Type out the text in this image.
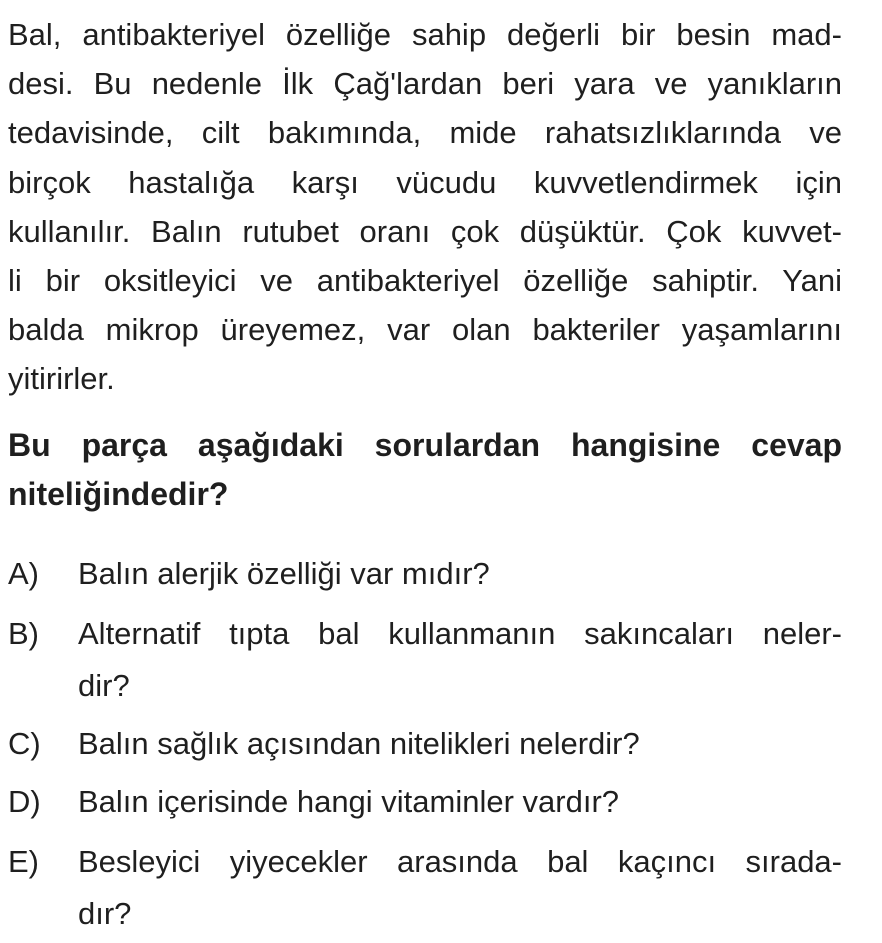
Bal, antibakteriyel özelliğe sahip değerli bir besin mad-
desi. Bu nedenle İlk Çağ'lardan beri yara ve yanıkların
tedavisinde, cilt bakımında, mide rahatsızlıklarında ve
birçok hastalığa karşı vücudu kuvvetlendirmek için
kullanılır. Balın rutubet oranı çok düşüktür. Çok kuvvet-
li bir oksitleyici ve antibakteriyel özelliğe sahiptir. Yani
balda mikrop üreyemez, var olan bakteriler yaşamlarını
yitirirler.
Bu parça aşağıdaki sorulardan hangisine cevap
niteliğindedir?
A) Balın alerjik özelliği var mıdır?
B) Alternatif tıpta bal kullanmanın sakıncaları neler-
dir?
C) Balın sağlık açısından nitelikleri nelerdir?
D) Balın içerisinde hangi vitaminler vardır?
E) Besleyici yiyecekler arasında bal kaçıncı sırada-
dır?
